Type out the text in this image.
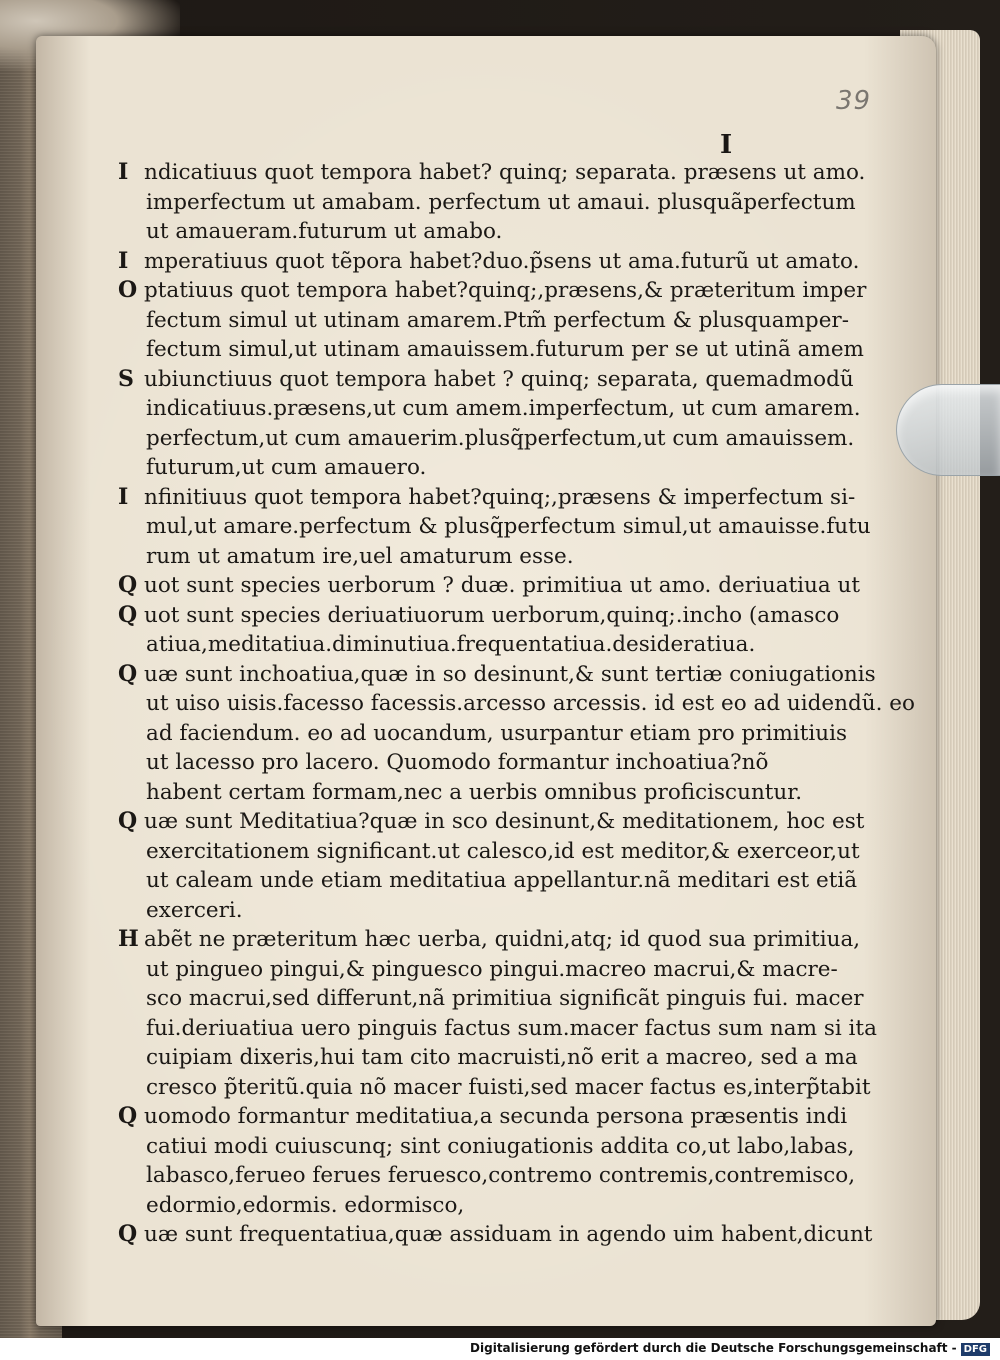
39
I
I ndicatiuus quot tempora habet? quinq; separata. præsens ut amo.
imperfectum ut amabam. perfectum ut amaui. plusquãperfectum
ut amaueram.futurum ut amabo.
I mperatiuus quot tẽpora habet?duo.p̃sens ut ama.futurũ ut amato.
O ptatiuus quot tempora habet?quinq;,præsens,& præteritum imper
fectum simul ut utinam amarem.Ptm̃ perfectum & plusquamper-
fectum simul,ut utinam amauissem.futurum per se ut utinã amem
S ubiunctiuus quot tempora habet ? quinq; separata, quemadmodũ
indicatiuus.præsens,ut cum amem.imperfectum, ut cum amarem.
perfectum,ut cum amauerim.plusq̃perfectum,ut cum amauissem.
futurum,ut cum amauero.
I nfinitiuus quot tempora habet?quinq;,præsens & imperfectum si-
mul,ut amare.perfectum & plusq̃perfectum simul,ut amauisse.futu
rum ut amatum ire,uel amaturum esse.
Q uot sunt species uerborum ? duæ. primitiua ut amo. deriuatiua ut
Q uot sunt species deriuatiuorum uerborum,quinq;.incho (amasco
atiua,meditatiua.diminutiua.frequentatiua.desideratiua.
Q uæ sunt inchoatiua,quæ in so desinunt,& sunt tertiæ coniugationis
ut uiso uisis.facesso facessis.arcesso arcessis. id est eo ad uidendũ. eo
ad faciendum. eo ad uocandum, usurpantur etiam pro primitiuis
ut lacesso pro lacero. Quomodo formantur inchoatiua?nõ
habent certam formam,nec a uerbis omnibus proficiscuntur.
Q uæ sunt Meditatiua?quæ in sco desinunt,& meditationem, hoc est
exercitationem significant.ut calesco,id est meditor,& exerceor,ut
ut caleam unde etiam meditatiua appellantur.nã meditari est etiã
exerceri.
H abẽt ne præteritum hæc uerba, quidni,atq; id quod sua primitiua,
ut pingueo pingui,& pinguesco pingui.macreo macrui,& macre-
sco macrui,sed differunt,nã primitiua significãt pinguis fui. macer
fui.deriuatiua uero pinguis factus sum.macer factus sum nam si ita
cuipiam dixeris,hui tam cito macruisti,nõ erit a macreo, sed a ma
cresco p̃teritũ.quia nõ macer fuisti,sed macer factus es,interp̃tabit
Q uomodo formantur meditatiua,a secunda persona præsentis indi
catiui modi cuiuscunq; sint coniugationis addita co,ut labo,labas,
labasco,ferueo ferues feruesco,contremo contremis,contremisco,
edormio,edormis. edormisco,
Q uæ sunt frequentatiua,quæ assiduam in agendo uim habent,dicunt
Digitalisierung gefördert durch die Deutsche Forschungsgemeinschaft - DFG
